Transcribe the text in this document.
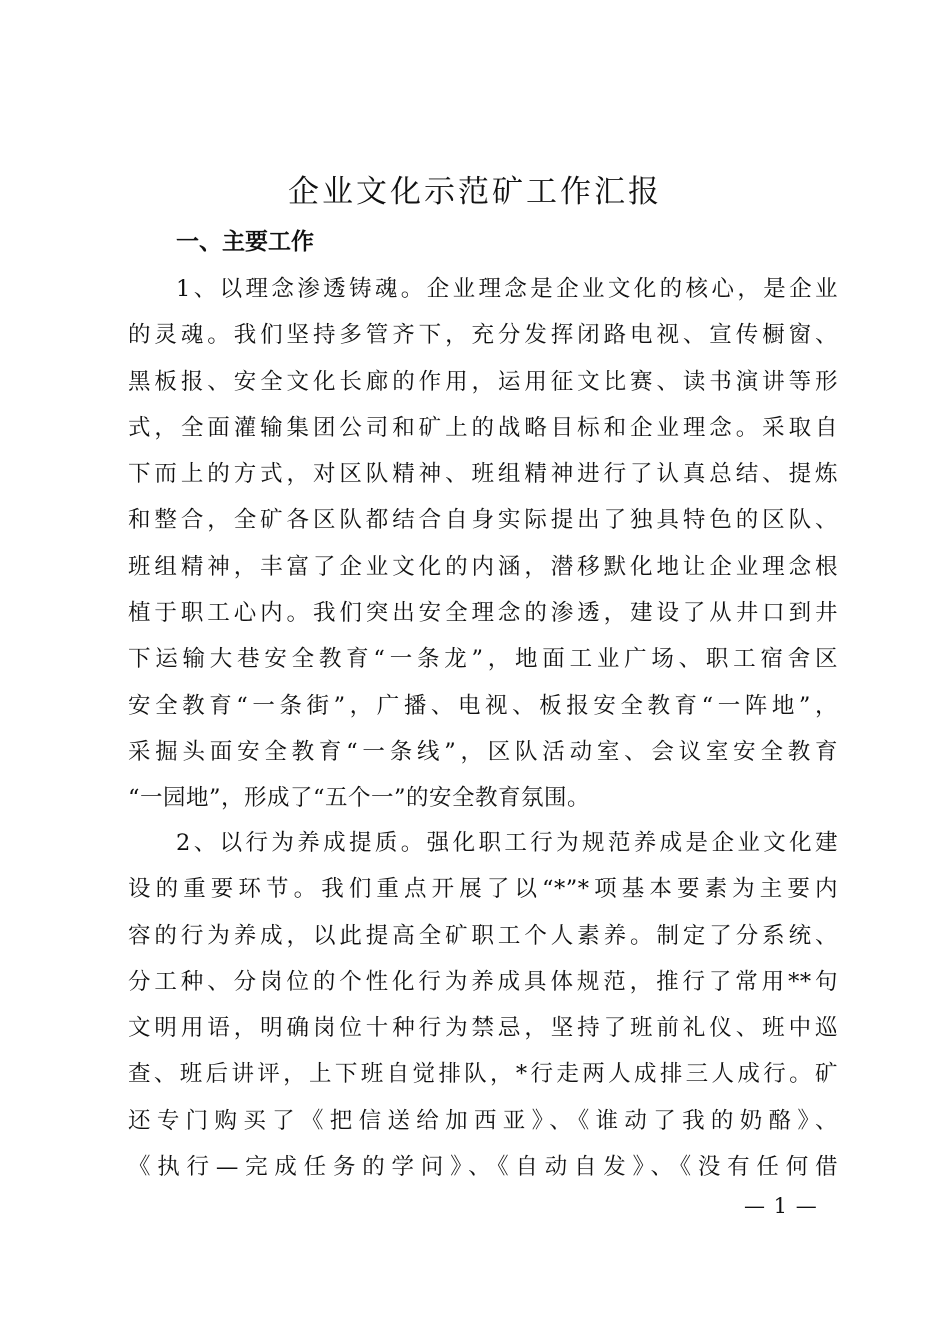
企业文化示范矿工作汇报
一、主要工作
1、以理念渗透铸魂。企业理念是企业文化的核心，是企业
的灵魂。我们坚持多管齐下，充分发挥闭路电视、宣传橱窗、
黑板报、安全文化长廊的作用，运用征文比赛、读书演讲等形
式，全面灌输集团公司和矿上的战略目标和企业理念。采取自
下而上的方式，对区队精神、班组精神进行了认真总结、提炼
和整合，全矿各区队都结合自身实际提出了独具特色的区队、
班组精神，丰富了企业文化的内涵，潜移默化地让企业理念根
植于职工心内。我们突出安全理念的渗透，建设了从井口到井
下运输大巷安全教育“一条龙”，地面工业广场、职工宿舍区
安全教育“一条街”，广播、电视、板报安全教育“一阵地”，
采掘头面安全教育“一条线”，区队活动室、会议室安全教育
“一园地”，形成了“五个一”的安全教育氛围。
2、以行为养成提质。强化职工行为规范养成是企业文化建
设的重要环节。我们重点开展了以“*”*项基本要素为主要内
容的行为养成，以此提高全矿职工个人素养。制定了分系统、
分工种、分岗位的个性化行为养成具体规范，推行了常用**句
文明用语，明确岗位十种行为禁忌，坚持了班前礼仪、班中巡
查、班后讲评，上下班自觉排队，*行走两人成排三人成行。矿
还专门购买了《把信送给加西亚》、《谁动了我的奶酪》、
《执行—完成任务的学问》、《自动自发》、《没有任何借
— 1 —
